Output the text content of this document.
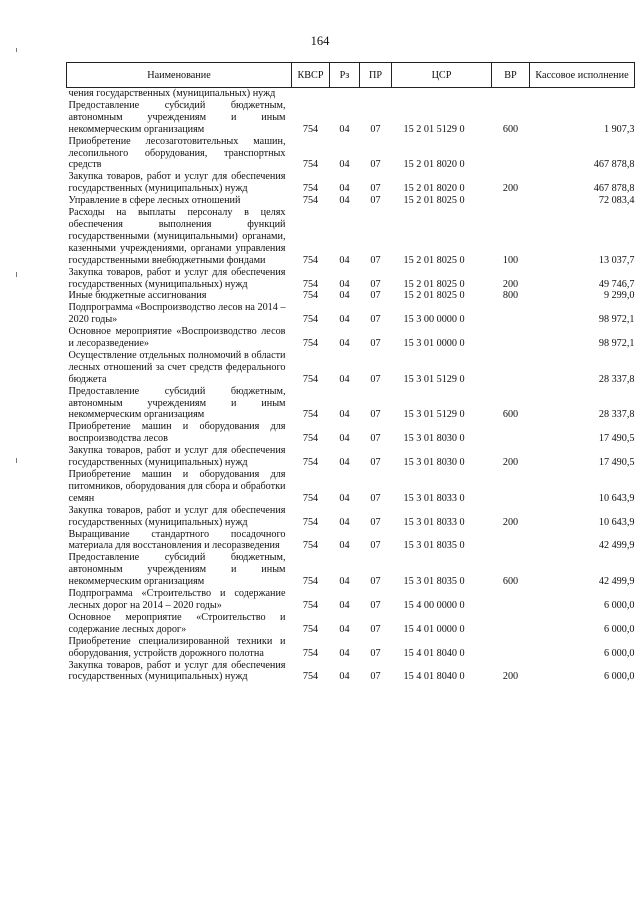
164
Наименование	КВСР	Рз	ПР	ЦСР	ВР	Кассовое исполнение
чения государственных (муниципальных) нужд						
Предоставление субсидий бюджетным, автономным учреждениям и иным некоммерческим организациям	754	04	07	15 2 01 5129 0	600	1 907,3
Приобретение лесозаготовительных машин, лесопильного оборудования, транспортных средств	754	04	07	15 2 01 8020 0		467 878,8
Закупка товаров, работ и услуг для обеспечения государственных (муниципальных) нужд	754	04	07	15 2 01 8020 0	200	467 878,8
Управление в сфере лесных отношений	754	04	07	15 2 01 8025 0		72 083,4
Расходы на выплаты персоналу в целях обеспечения выполнения функций государственными (муниципальными) органами, казенными учреждениями, органами управления государственными внебюджетными фондами	754	04	07	15 2 01 8025 0	100	13 037,7
Закупка товаров, работ и услуг для обеспечения государственных (муниципальных) нужд	754	04	07	15 2 01 8025 0	200	49 746,7
Иные бюджетные ассигнования	754	04	07	15 2 01 8025 0	800	9 299,0
Подпрограмма «Воспроизводство лесов на 2014 – 2020 годы»	754	04	07	15 3 00 0000 0		98 972,1
Основное мероприятие «Воспроизводство лесов и лесоразведение»	754	04	07	15 3 01 0000 0		98 972,1
Осуществление отдельных полномочий в области лесных отношений за счет средств федерального бюджета	754	04	07	15 3 01 5129 0		28 337,8
Предоставление субсидий бюджетным, автономным учреждениям и иным некоммерческим организациям	754	04	07	15 3 01 5129 0	600	28 337,8
Приобретение машин и оборудования для воспроизводства лесов	754	04	07	15 3 01 8030 0		17 490,5
Закупка товаров, работ и услуг для обеспечения государственных (муниципальных) нужд	754	04	07	15 3 01 8030 0	200	17 490,5
Приобретение машин и оборудования для питомников, оборудования для сбора и обработки семян	754	04	07	15 3 01 8033 0		10 643,9
Закупка товаров, работ и услуг для обеспечения государственных (муниципальных) нужд	754	04	07	15 3 01 8033 0	200	10 643,9
Выращивание стандартного посадочного материала для восстановления и лесоразведения	754	04	07	15 3 01 8035 0		42 499,9
Предоставление субсидий бюджетным, автономным учреждениям и иным некоммерческим организациям	754	04	07	15 3 01 8035 0	600	42 499,9
Подпрограмма «Строительство и содержание лесных дорог на 2014 – 2020 годы»	754	04	07	15 4 00 0000 0		6 000,0
Основное мероприятие «Строительство и содержание лесных дорог»	754	04	07	15 4 01 0000 0		6 000,0
Приобретение специализированной техники и оборудования, устройств дорожного полотна	754	04	07	15 4 01 8040 0		6 000,0
Закупка товаров, работ и услуг для обеспечения государственных (муниципальных) нужд	754	04	07	15 4 01 8040 0	200	6 000,0
